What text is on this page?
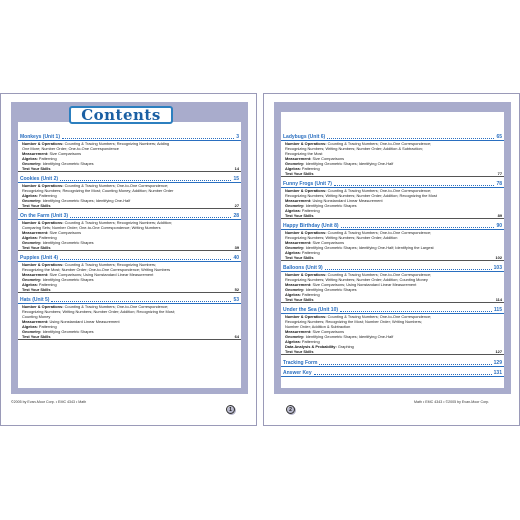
Monkeys (Unit 1)	3
Number & Operations: Counting & Tracing Numbers; Recognizing Numbers; Adding
One More; Number Order; One-to-One Correspondence
Measurement: Size Comparisons
Algebra: Patterning
Geometry: Identifying Geometric Shapes
Test Your Skills	14
Cookies (Unit 2)	15
Number & Operations: Counting & Tracing Numbers; One-to-One Correspondence;
Recognizing Numbers; Recognizing the Most; Counting Money; Addition; Number Order
Algebra: Patterning
Geometry: Identifying Geometric Shapes; Identifying One-Half
Test Your Skills	27
On the Farm (Unit 3)	28
Number & Operations: Counting & Tracing Numbers; Recognizing Numbers; Addition;
Comparing Sets; Number Order; One-to-One Correspondence; Writing Numbers
Measurement: Size Comparisons
Algebra: Patterning
Geometry: Identifying Geometric Shapes
Test Your Skills	39
Puppies (Unit 4)	40
Number & Operations: Counting & Tracing Numbers; Recognizing Numbers;
Recognizing the Most; Number Order; One-to-One Correspondence; Writing Numbers
Measurement: Size Comparisons; Using Nonstandard Linear Measurement
Geometry: Identifying Geometric Shapes
Algebra: Patterning
Test Your Skills	52
Hats (Unit 5)	53
Number & Operations: Counting & Tracing Numbers; One-to-One Correspondence;
Recognizing Numbers; Writing Numbers; Number Order; Addition; Recognizing the Most;
Counting Money
Measurement: Using Nonstandard Linear Measurement
Algebra: Patterning
Geometry: Identifying Geometric Shapes
Test Your Skills	64
Contents
©2005 by Evan-Moor Corp. • EMC 4343 • Math
1
Ladybugs (Unit 6)	65
Number & Operations: Counting & Tracing Numbers; One-to-One Correspondence;
Recognizing Numbers; Writing Numbers; Number Order; Addition & Subtraction;
Recognizing the Most
Measurement: Size Comparisons
Geometry: Identifying Geometric Shapes; Identifying One-Half
Algebra: Patterning
Test Your Skills	77
Funny Frogs (Unit 7)	78
Number & Operations: Counting & Tracing Numbers; One-to-One Correspondence;
Recognizing Numbers; Writing Numbers; Number Order; Addition; Recognizing the Most
Measurement: Using Nonstandard Linear Measurement
Geometry: Identifying Geometric Shapes
Algebra: Patterning
Test Your Skills	89
Happy Birthday (Unit 8)	90
Number & Operations: Counting & Tracing Numbers; One-to-One Correspondence;
Recognizing Numbers; Writing Numbers; Number Order; Addition
Measurement: Size Comparisons
Geometry: Identifying Geometric Shapes; Identifying One-Half; Identifying the Largest
Algebra: Patterning
Test Your Skills	102
Balloons (Unit 9)	103
Number & Operations: Counting & Tracing Numbers; One-to-One Correspondence;
Recognizing Numbers; Writing Numbers; Number Order; Addition; Counting Money
Measurement: Size Comparisons; Using Nonstandard Linear Measurement
Geometry: Identifying Geometric Shapes
Algebra: Patterning
Test Your Skills	114
Under the Sea (Unit 10)	115
Number & Operations: Counting & Tracing Numbers; One-to-One Correspondence;
Recognizing Numbers; Recognizing the Most; Number Order; Writing Numbers;
Number Order; Addition & Subtraction
Measurement: Size Comparisons
Geometry: Identifying Geometric Shapes; Identifying One-Half
Algebra: Patterning
Data Analysis & Probability: Graphing
Test Your Skills	127
Tracking Form	129
Answer Key	131
Math • EMC 4343 • ©2005 by Evan-Moor Corp.
2
